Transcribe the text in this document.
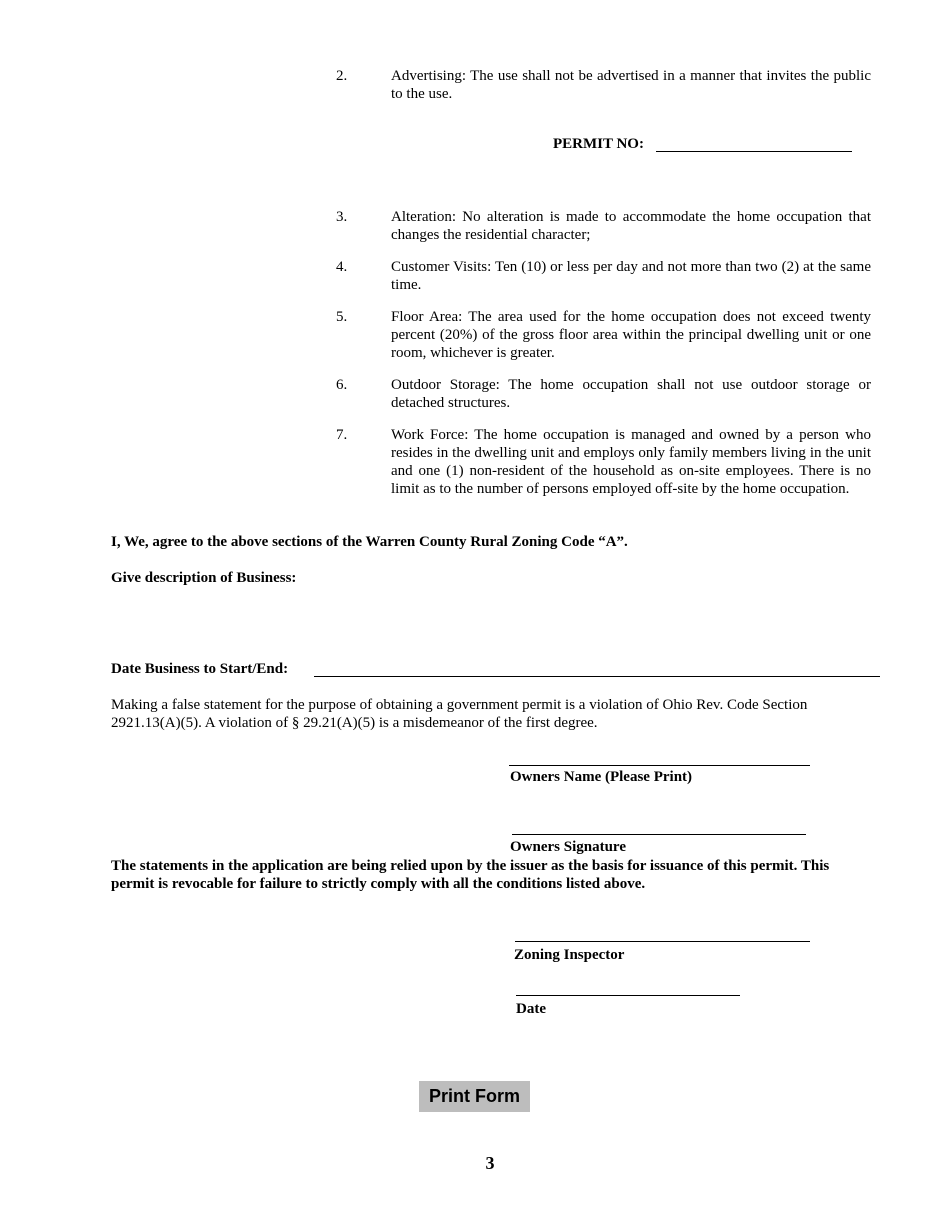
2.	Advertising: The use shall not be advertised in a manner that invites the public to the use.
PERMIT NO:
3.	Alteration: No alteration is made to accommodate the home occupation that changes the residential character;
4.	Customer Visits: Ten (10) or less per day and not more than two (2) at the same time.
5.	Floor Area: The area used for the home occupation does not exceed twenty percent (20%) of the gross floor area within the principal dwelling unit or one room, whichever is greater.
6.	Outdoor Storage: The home occupation shall not use outdoor storage or detached structures.
7.	Work Force: The home occupation is managed and owned by a person who resides in the dwelling unit and employs only family members living in the unit and one (1) non-resident of the household as on-site employees. There is no limit as to the number of persons employed off-site by the home occupation.
I, We, agree to the above sections of the Warren County Rural Zoning Code “A”.
Give description of Business:
Date Business to Start/End:
Making a false statement for the purpose of obtaining a government permit is a violation of Ohio Rev. Code Section 2921.13(A)(5). A violation of § 29.21(A)(5) is a misdemeanor of the first degree.
Owners Name (Please Print)
Owners Signature
The statements in the application are being relied upon by the issuer as the basis for issuance of this permit. This permit is revocable for failure to strictly comply with all the conditions listed above.
Zoning Inspector
Date
Print Form
3
